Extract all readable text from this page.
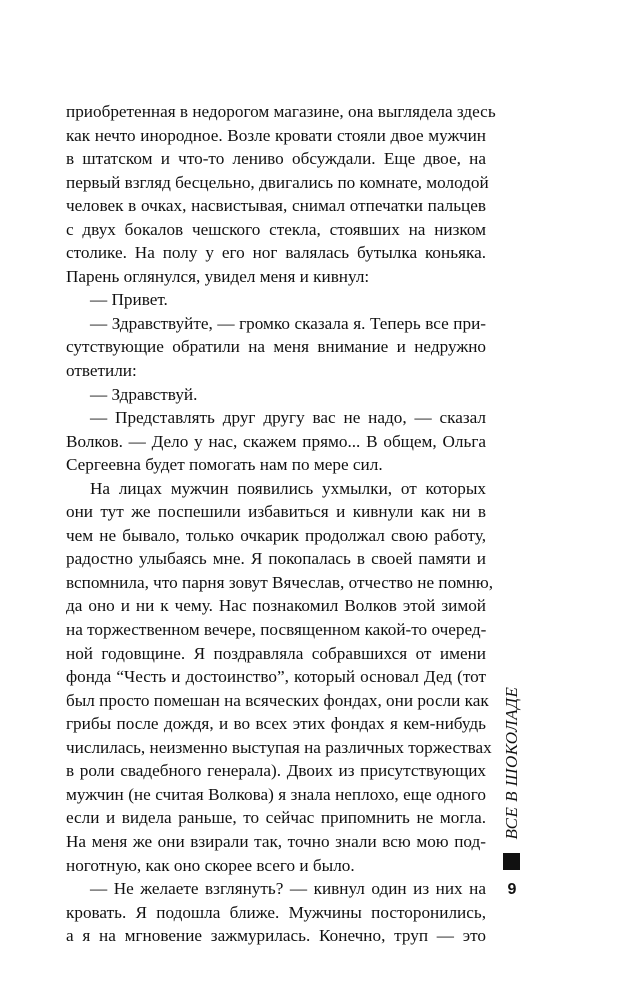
приобретенная в недорогом магазине, она выглядела здесь
как нечто инородное. Возле кровати стояли двое мужчин
в штатском и что-то лениво обсуждали. Еще двое, на
первый взгляд бесцельно, двигались по комнате, молодой
человек в очках, насвистывая, снимал отпечатки пальцев
с двух бокалов чешского стекла, стоявших на низком
столике. На полу у его ног валялась бутылка коньяка.
Парень оглянулся, увидел меня и кивнул:
— Привет.
— Здравствуйте, — громко сказала я. Теперь все при-
сутствующие обратили на меня внимание и недружно
ответили:
— Здравствуй.
— Представлять друг другу вас не надо, — сказал
Волков. — Дело у нас, скажем прямо... В общем, Ольга
Сергеевна будет помогать нам по мере сил.
На лицах мужчин появились ухмылки, от которых
они тут же поспешили избавиться и кивнули как ни в
чем не бывало, только очкарик продолжал свою работу,
радостно улыбаясь мне. Я покопалась в своей памяти и
вспомнила, что парня зовут Вячеслав, отчество не помню,
да оно и ни к чему. Нас познакомил Волков этой зимой
на торжественном вечере, посвященном какой-то очеред-
ной годовщине. Я поздравляла собравшихся от имени
фонда “Честь и достоинство”, который основал Дед (тот
был просто помешан на всяческих фондах, они росли как
грибы после дождя, и во всех этих фондах я кем-нибудь
числилась, неизменно выступая на различных торжествах
в роли свадебного генерала). Двоих из присутствующих
мужчин (не считая Волкова) я знала неплохо, еще одного
если и видела раньше, то сейчас припомнить не могла.
На меня же они взирали так, точно знали всю мою под-
ноготную, как оно скорее всего и было.
— Не желаете взглянуть? — кивнул один из них на
кровать. Я подошла ближе. Мужчины посторонились,
а я на мгновение зажмурилась. Конечно, труп — это
ВСЕ В ШОКОЛАДЕ
9
